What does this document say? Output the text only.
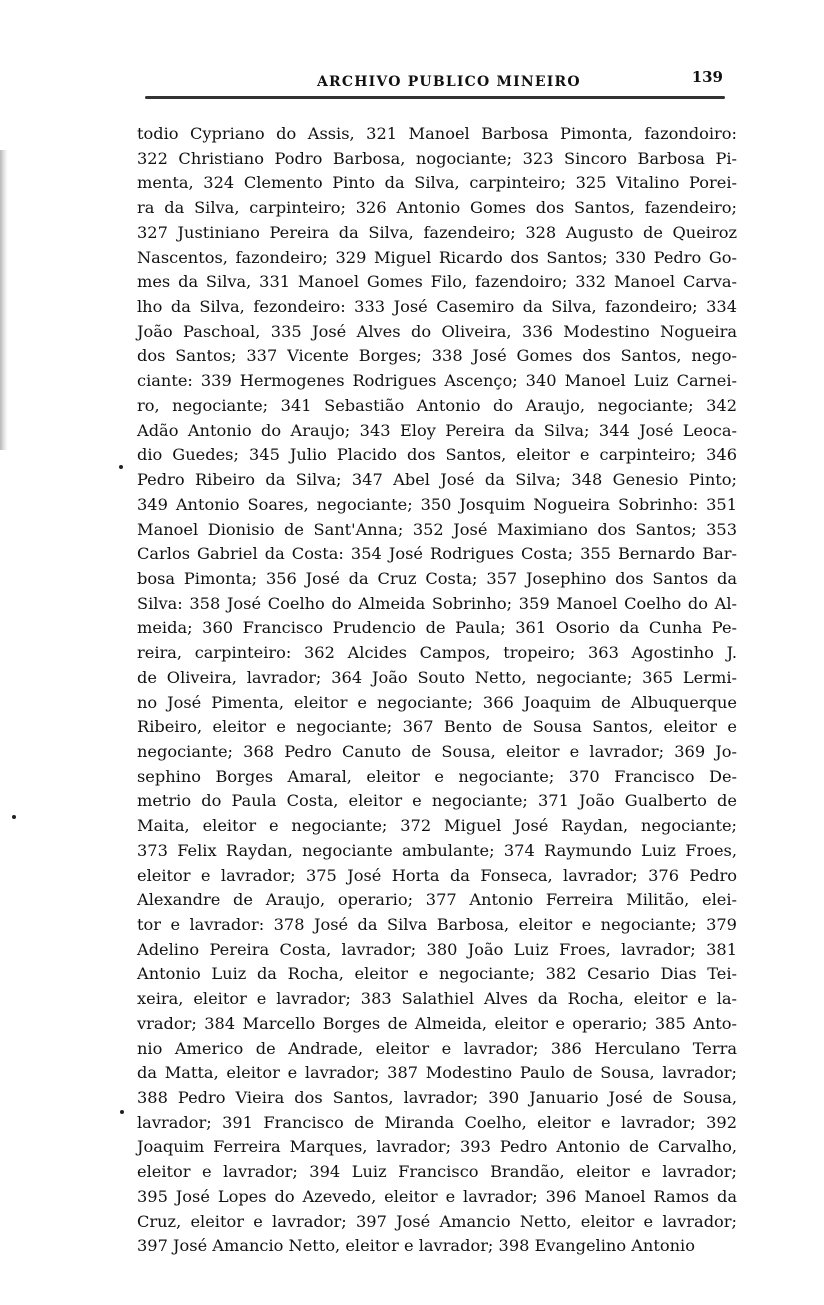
ARCHIVO PUBLICO MINEIRO	139
todio Cypriano do Assis, 321 Manoel Barbosa Pimonta, fazondoiro:
322 Christiano Podro Barbosa, nogociante; 323 Sincoro Barbosa Pi-
menta, 324 Clemento Pinto da Silva, carpinteiro; 325 Vitalino Porei-
ra da Silva, carpinteiro; 326 Antonio Gomes dos Santos, fazendeiro;
327 Justiniano Pereira da Silva, fazendeiro; 328 Augusto de Queiroz
Nascentos, fazondeiro; 329 Miguel Ricardo dos Santos; 330 Pedro Go-
mes da Silva, 331 Manoel Gomes Filo, fazendoiro; 332 Manoel Carva-
lho da Silva, fezondeiro: 333 José Casemiro da Silva, fazondeiro; 334
João Paschoal, 335 José Alves do Oliveira, 336 Modestino Nogueira
dos Santos; 337 Vicente Borges; 338 José Gomes dos Santos, nego-
ciante: 339 Hermogenes Rodrigues Ascenço; 340 Manoel Luiz Carnei-
ro, negociante; 341 Sebastião Antonio do Araujo, negociante; 342
Adão Antonio do Araujo; 343 Eloy Pereira da Silva; 344 José Leoca-
dio Guedes; 345 Julio Placido dos Santos, eleitor e carpinteiro; 346
Pedro Ribeiro da Silva; 347 Abel José da Silva; 348 Genesio Pinto;
349 Antonio Soares, negociante; 350 Josquim Nogueira Sobrinho: 351
Manoel Dionisio de Sant'Anna; 352 José Maximiano dos Santos; 353
Carlos Gabriel da Costa: 354 José Rodrigues Costa; 355 Bernardo Bar-
bosa Pimonta; 356 José da Cruz Costa; 357 Josephino dos Santos da
Silva: 358 José Coelho do Almeida Sobrinho; 359 Manoel Coelho do Al-
meida; 360 Francisco Prudencio de Paula; 361 Osorio da Cunha Pe-
reira, carpinteiro: 362 Alcides Campos, tropeiro; 363 Agostinho J.
de Oliveira, lavrador; 364 João Souto Netto, negociante; 365 Lermi-
no José Pimenta, eleitor e negociante; 366 Joaquim de Albuquerque
Ribeiro, eleitor e negociante; 367 Bento de Sousa Santos, eleitor e
negociante; 368 Pedro Canuto de Sousa, eleitor e lavrador; 369 Jo-
sephino Borges Amaral, eleitor e negociante; 370 Francisco De-
metrio do Paula Costa, eleitor e negociante; 371 João Gualberto de
Maita, eleitor e negociante; 372 Miguel José Raydan, negociante;
373 Felix Raydan, negociante ambulante; 374 Raymundo Luiz Froes,
eleitor e lavrador; 375 José Horta da Fonseca, lavrador; 376 Pedro
Alexandre de Araujo, operario; 377 Antonio Ferreira Militão, elei-
tor e lavrador: 378 José da Silva Barbosa, eleitor e negociante; 379
Adelino Pereira Costa, lavrador; 380 João Luiz Froes, lavrador; 381
Antonio Luiz da Rocha, eleitor e negociante; 382 Cesario Dias Tei-
xeira, eleitor e lavrador; 383 Salathiel Alves da Rocha, eleitor e la-
vrador; 384 Marcello Borges de Almeida, eleitor e operario; 385 Anto-
nio Americo de Andrade, eleitor e lavrador; 386 Herculano Terra
da Matta, eleitor e lavrador; 387 Modestino Paulo de Sousa, lavrador;
388 Pedro Vieira dos Santos, lavrador; 390 Januario José de Sousa,
lavrador; 391 Francisco de Miranda Coelho, eleitor e lavrador; 392
Joaquim Ferreira Marques, lavrador; 393 Pedro Antonio de Carvalho,
eleitor e lavrador; 394 Luiz Francisco Brandão, eleitor e lavrador;
395 José Lopes do Azevedo, eleitor e lavrador; 396 Manoel Ramos da
Cruz, eleitor e lavrador; 397 José Amancio Netto, eleitor e lavrador;
397 José Amancio Netto, eleitor e lavrador; 398 Evangelino Antonio
